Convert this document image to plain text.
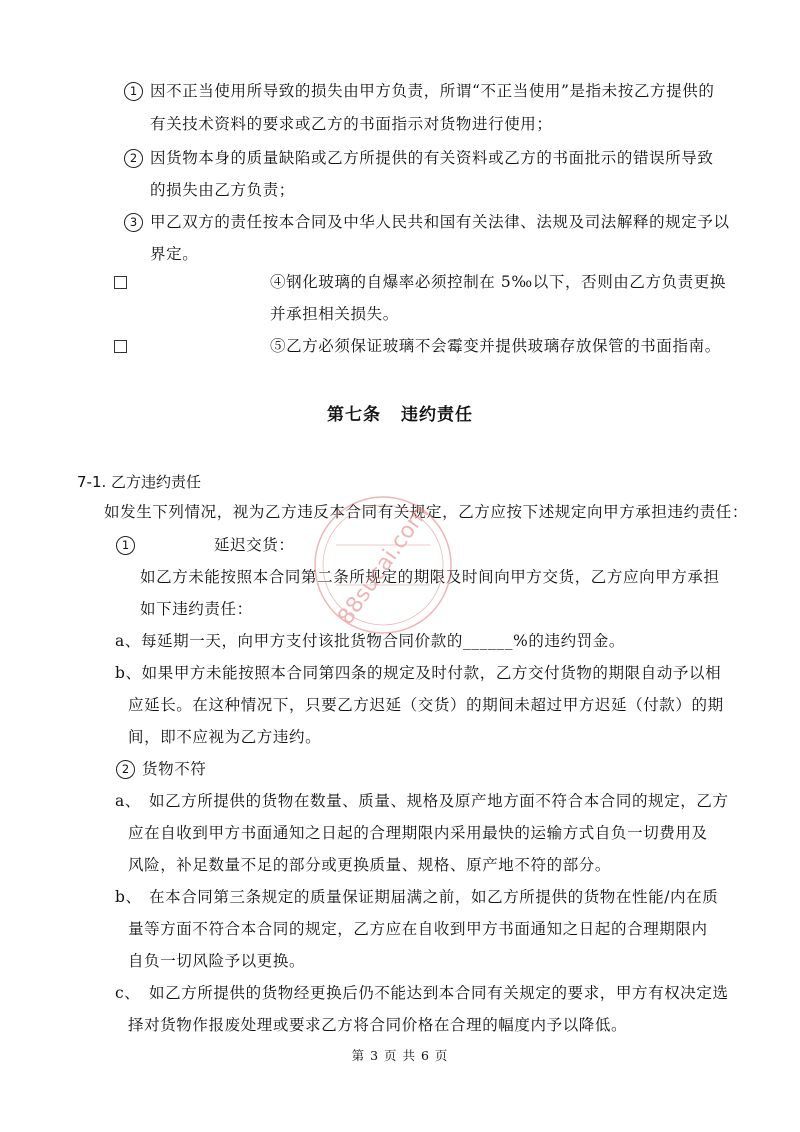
1 因不正当使用所导致的损失由甲方负责，所谓“不正当使用”是指未按乙方提供的
有关技术资料的要求或乙方的书面指示对货物进行使用；
2 因货物本身的质量缺陷或乙方所提供的有关资料或乙方的书面批示的错误所导致
的损失由乙方负责；
3 甲乙双方的责任按本合同及中华人民共和国有关法律、法规及司法解释的规定予以
界定。
④钢化玻璃的自爆率必须控制在 5‰以下，否则由乙方负责更换
并承担相关损失。
⑤乙方必须保证玻璃不会霉变并提供玻璃存放保管的书面指南。
第七条 违约责任
7-1. 乙方违约责任
如发生下列情况，视为乙方违反本合同有关规定，乙方应按下述规定向甲方承担违约责任：
1	延迟交货：
如乙方未能按照本合同第二条所规定的期限及时间向甲方交货，乙方应向甲方承担
如下违约责任：
a、每延期一天，向甲方支付该批货物合同价款的______%的违约罚金。
b、如果甲方未能按照本合同第四条的规定及时付款，乙方交付货物的期限自动予以相
应延长。在这种情况下，只要乙方迟延（交货）的期间未超过甲方迟延（付款）的期
间，即不应视为乙方违约。
2 货物不符
a、 如乙方所提供的货物在数量、质量、规格及原产地方面不符合本合同的规定，乙方
应在自收到甲方书面通知之日起的合理期限内采用最快的运输方式自负一切费用及
风险，补足数量不足的部分或更换质量、规格、原产地不符的部分。
b、 在本合同第三条规定的质量保证期届满之前，如乙方所提供的货物在性能/内在质
量等方面不符合本合同的规定，乙方应在自收到甲方书面通知之日起的合理期限内
自负一切风险予以更换。
c、 如乙方所提供的货物经更换后仍不能达到本合同有关规定的要求，甲方有权决定选
择对货物作报废处理或要求乙方将合同价格在合理的幅度内予以降低。
88sucai.com
第 3 页 共 6 页
